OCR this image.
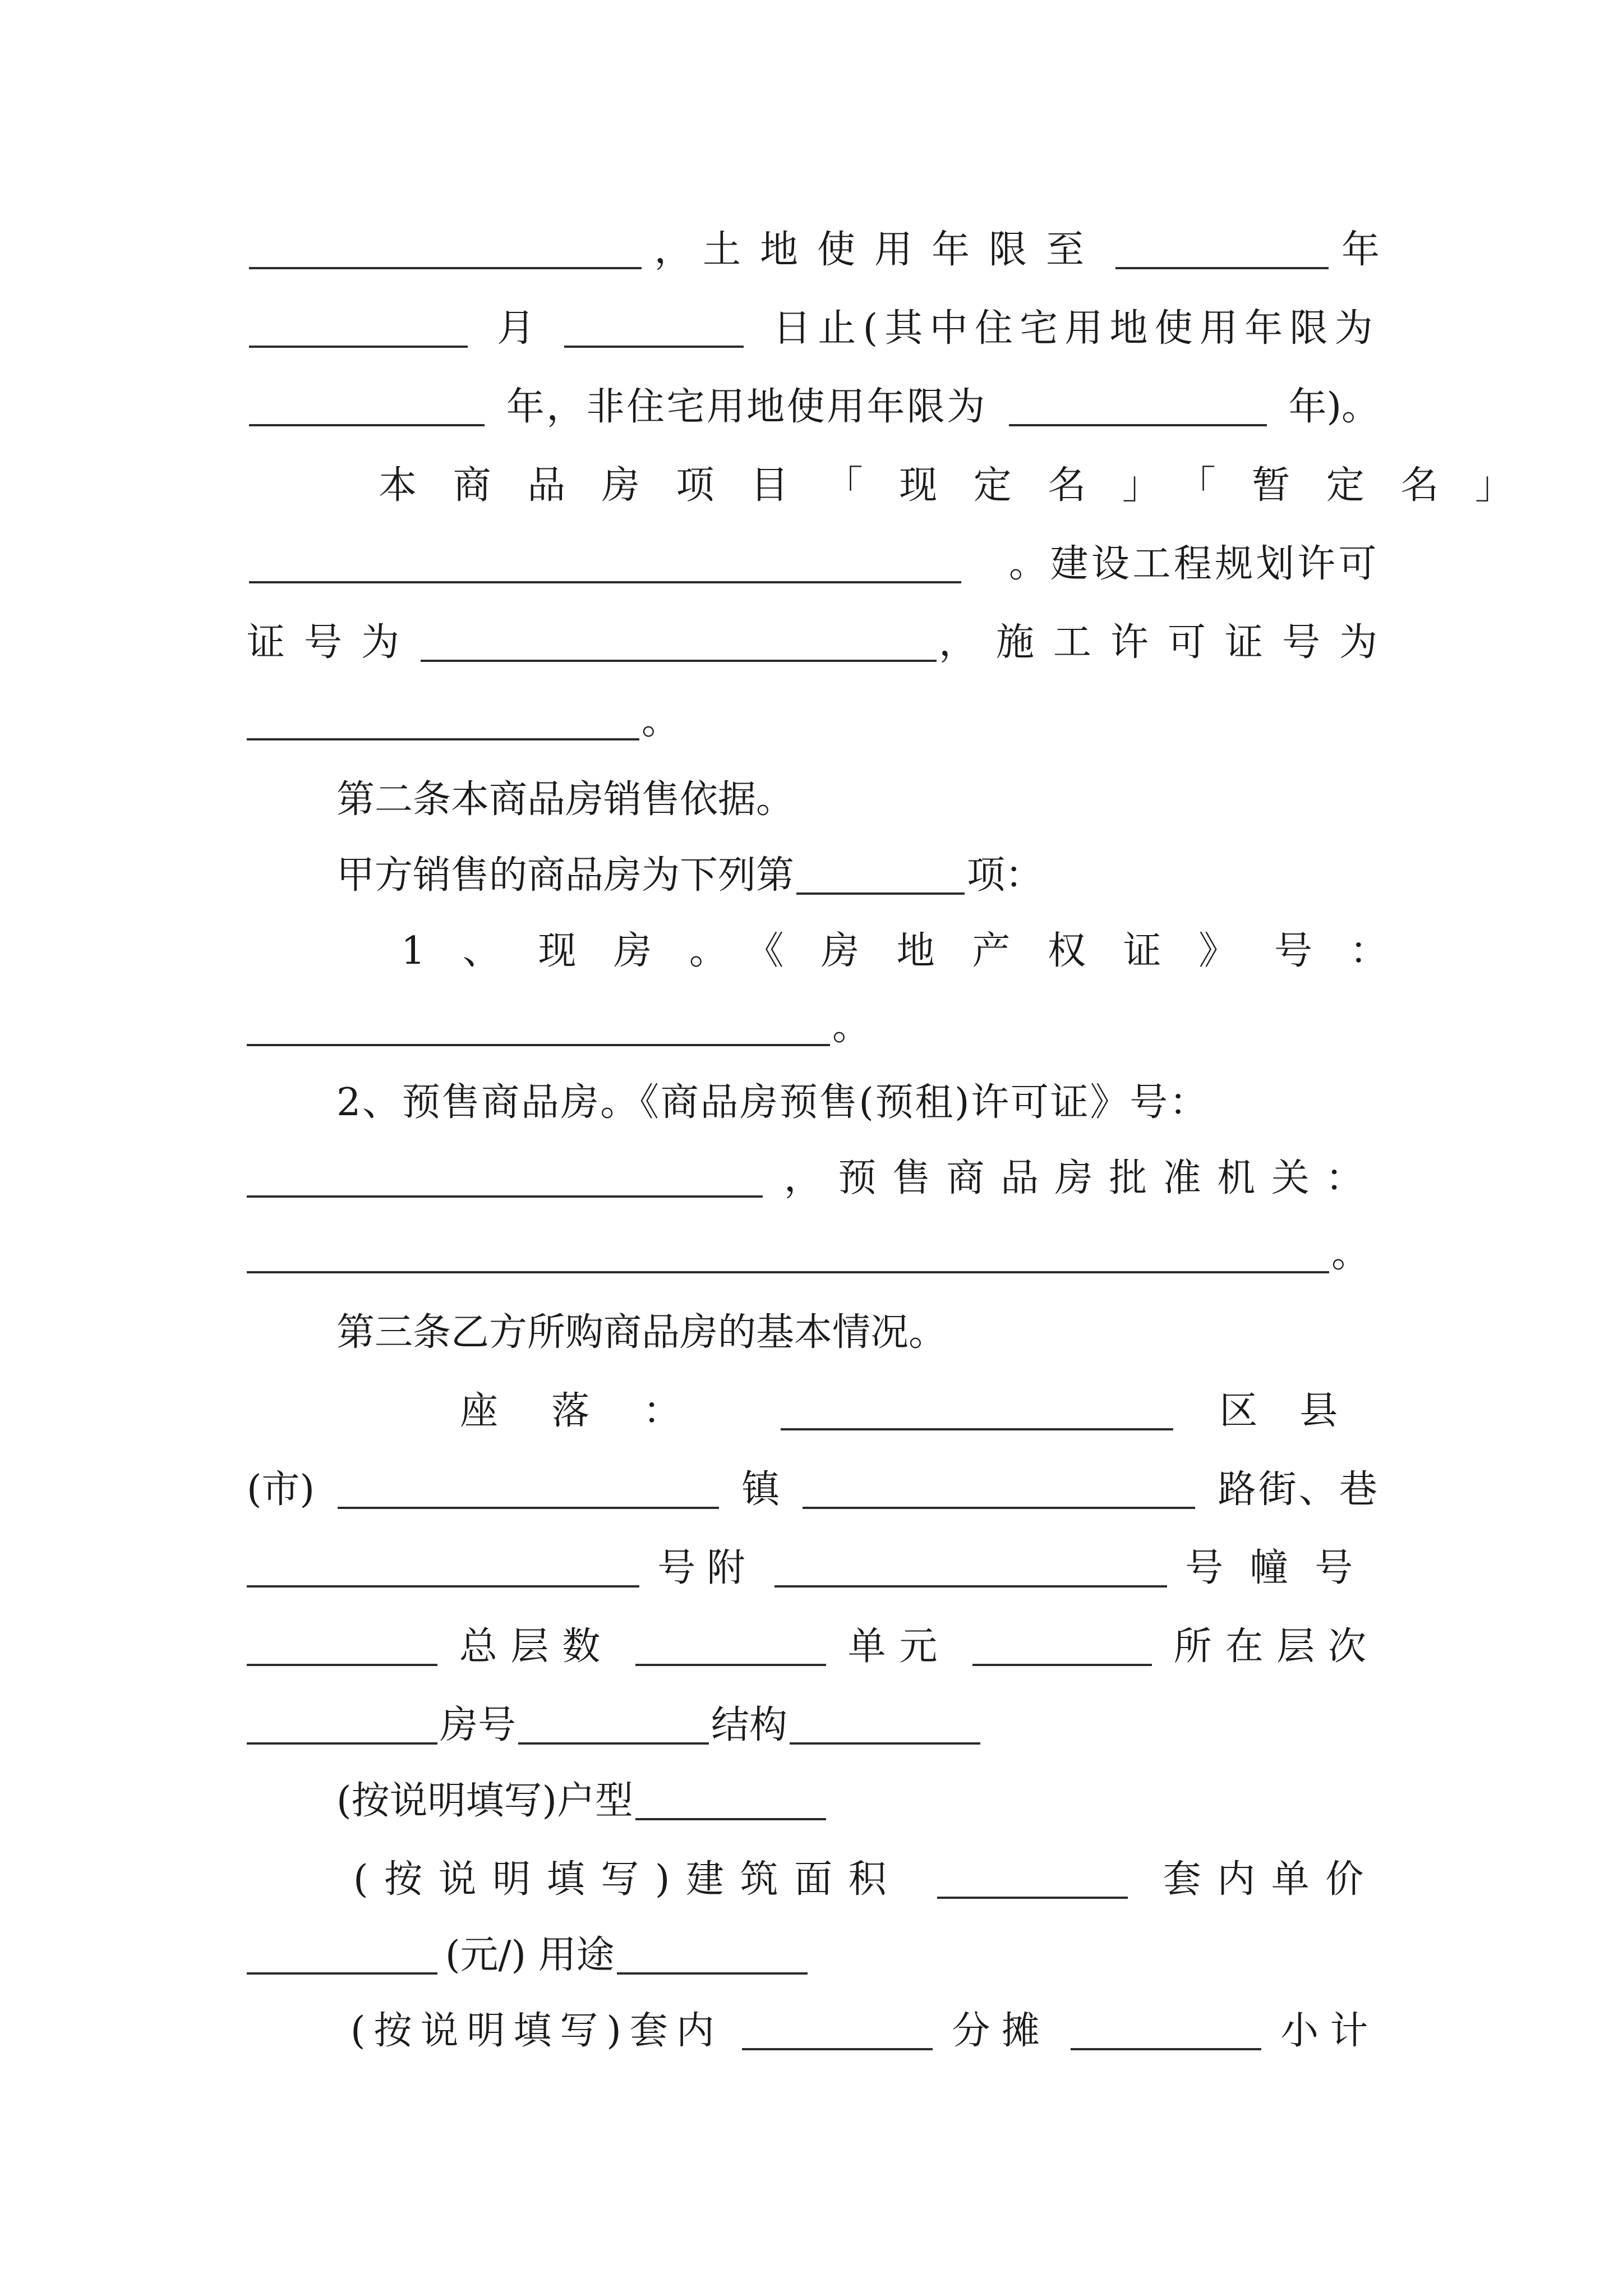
， 土地使用年限至	年
月	日止(其中住宅用地使用年限为
年，非住宅用地使用年限为	年)。
本商品房项目「现定名」「暂定名」
。建设工程规划许可
证号为	，施工许可证号为
。
第二条本商品房销售依据。
甲方销售的商品房为下列第	项：
1、现房。《房地产权证》号：
。
2、预售商品房。《商品房预售(预租)许可证》号：
，预售商品房批准机关：
。
第三条乙方所购商品房的基本情况。
座落：	区县
(市)	镇	路街、巷
号附	号幢号
总层数	单元	所在层次
房号	结构
(按说明填写)户型
(按说明填写)建筑面积	套内单价
(元/) 用途
(按说明填写)套内	分摊	小计
